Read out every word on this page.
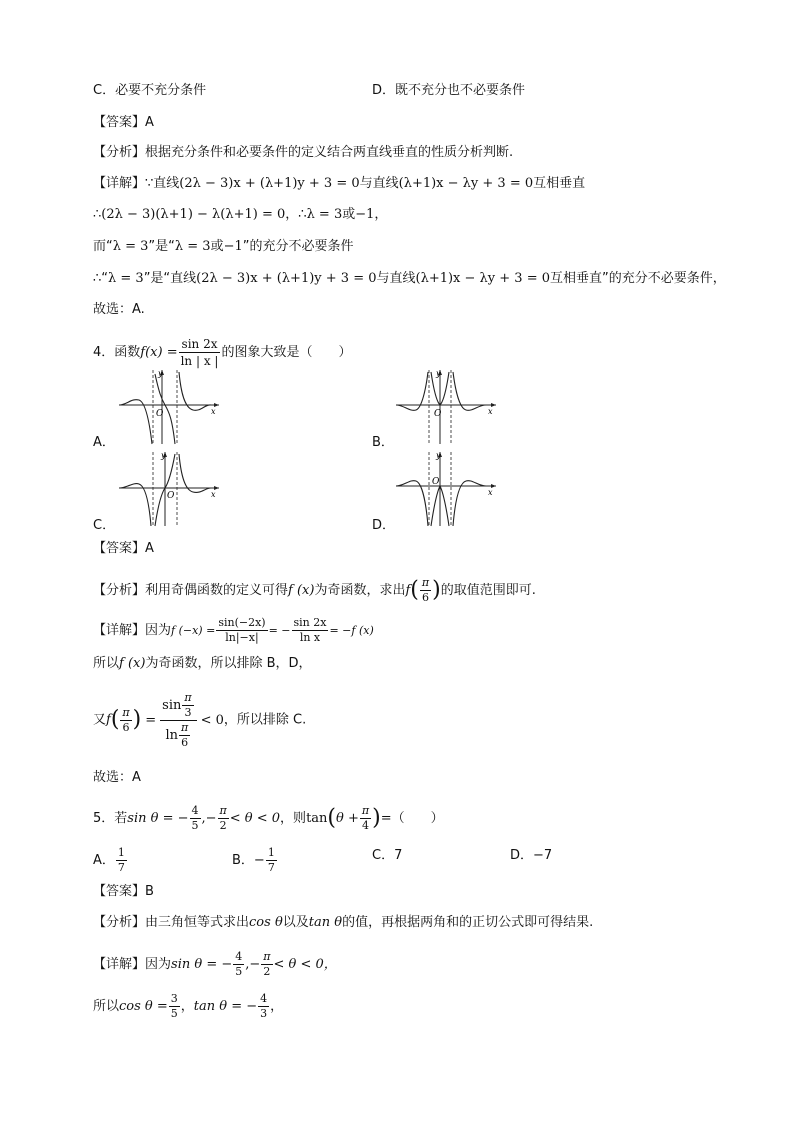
C．必要不充分条件	D．既不充分也不必要条件
【答案】A
【分析】根据充分条件和必要条件的定义结合两直线垂直的性质分析判断.
【详解】∵直线(2λ − 3)x + (λ+1)y + 3 = 0与直线(λ+1)x − λy + 3 = 0互相垂直
∴(2λ − 3)(λ+1) − λ(λ+1) = 0，∴λ = 3或−1，
而“λ = 3”是“λ = 3或−1”的充分不必要条件
∴“λ = 3”是“直线(2λ − 3)x + (λ+1)y + 3 = 0与直线(λ+1)x − λy + 3 = 0互相垂直”的充分不必要条件，
故选：A.
4．函数$f(x) = \frac{\sin 2x}{\ln | x |}$ 的图象大致是（　　）
A．
O
y
x
B．
O
y
x
C．
O
y
x
D．
O
y
x
【答案】A
【分析】利用奇偶函数的定义可得f (x)为奇函数，求出$f( \frac{\pi}{6}$ )的取值范围即可.
【详解】因为f $(-x) = \frac{\sin(-2x)}{\ln|-x|}$ = − $\frac{\sin 2x}{\text{ln x}} = -f$ (x)
所以f (x)为奇函数，所以排除 B，D，
又$f( \frac{\pi}{6}$ ) = $\frac{\sin \frac{\pi}{3}}{\ln \frac{\pi}{6}} < 0$，所以排除 C.
故选：A
5．若sin θ = − $\frac{4}{5}$ ,− $\frac{\pi}{2} < \theta < 0$，则$\tan(\theta + \frac{\pi}{4}$ )=（　　）
A． $\frac{1}{7}$	B．− $\frac{1}{7}$	C．7	D．−7
【答案】B
【分析】由三角恒等式求出cos θ以及tan θ的值，再根据两角和的正切公式即可得结果.
【详解】因为sin θ = − $\frac{4}{5}$ ,− $\frac{\pi}{2} < \theta < 0$，
所以$\cos \theta = \frac{3}{5}$ ，tan θ = − $\frac{4}{3}$ ，
